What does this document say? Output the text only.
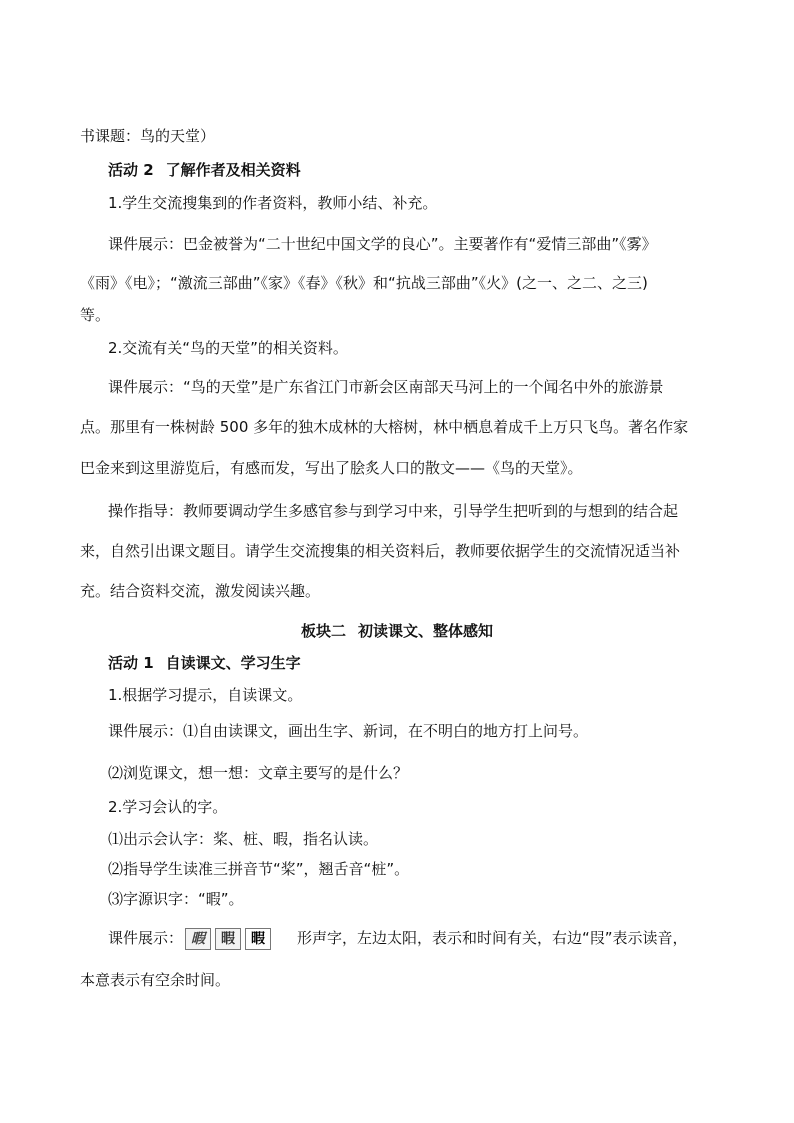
书课题：鸟的天堂）

活动 2 了解作者及相关资料

1.学生交流搜集到的作者资料，教师小结、补充。

课件展示：巴金被誉为“二十世纪中国文学的良心”。主要著作有“爱情三部曲”《雾》

《雨》《电》；“激流三部曲”《家》《春》《秋》和“抗战三部曲”《火》(之一、之二、之三)

等。

2.交流有关“鸟的天堂”的相关资料。

课件展示：“鸟的天堂”是广东省江门市新会区南部天马河上的一个闻名中外的旅游景

点。那里有一株树龄 500 多年的独木成林的大榕树，林中栖息着成千上万只飞鸟。著名作家

巴金来到这里游览后，有感而发，写出了脍炙人口的散文——《鸟的天堂》。

操作指导：教师要调动学生多感官参与到学习中来，引导学生把听到的与想到的结合起

来，自然引出课文题目。请学生交流搜集的相关资料后，教师要依据学生的交流情况适当补

充。结合资料交流，激发阅读兴趣。

板块二 初读课文、整体感知

活动 1 自读课文、学习生字

1.根据学习提示，自读课文。

课件展示：⑴自由读课文，画出生字、新词，在不明白的地方打上问号。

⑵浏览课文，想一想：文章主要写的是什么？

2.学习会认的字。

⑴出示会认字：桨、桩、暇，指名认读。

⑵指导学生读准三拼音节“桨”，翘舌音“桩”。

⑶字源识字：“暇”。

课件展示： 暇	暇	暇	形声字，左边太阳，表示和时间有关，右边“叚”表示读音，

本意表示有空余时间。
